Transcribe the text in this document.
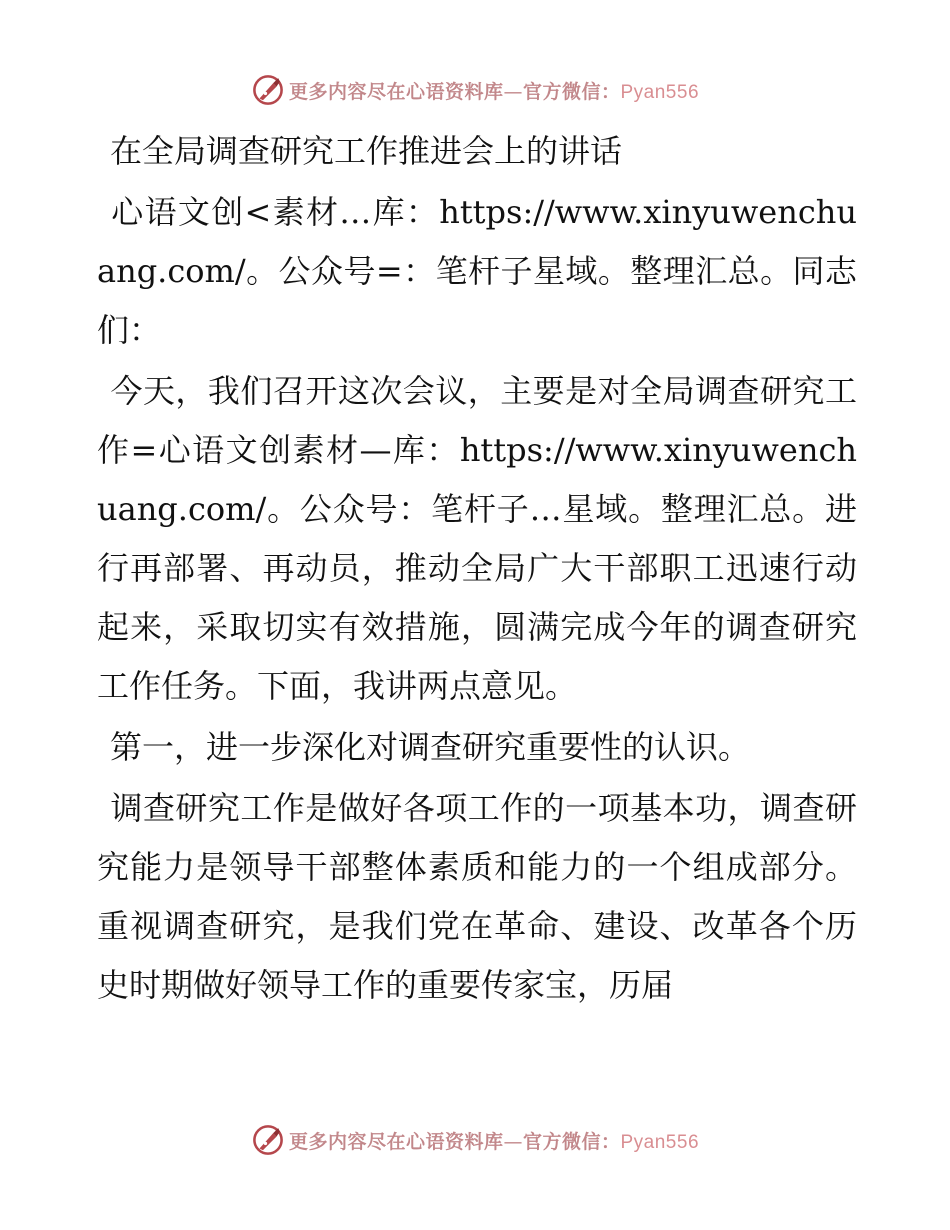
更多内容尽在心语资料库—官方微信：Pyan556

在全局调查研究工作推进会上的讲话

心语文创<素材…库：https://www.xinyuwenchuang.com/。公众号=：笔杆子星域。整理汇总。同志们：

今天，我们召开这次会议，主要是对全局调查研究工作=心语文创素材—库：https://www.xinyuwenchuang.com/。公众号：笔杆子…星域。整理汇总。进行再部署、再动员，推动全局广大干部职工迅速行动起来，采取切实有效措施，圆满完成今年的调查研究工作任务。下面，我讲两点意见。

第一，进一步深化对调查研究重要性的认识。

调查研究工作是做好各项工作的一项基本功，调查研究能力是领导干部整体素质和能力的一个组成部分。重视调查研究，是我们党在革命、建设、改革各个历史时期做好领导工作的重要传家宝，历届

更多内容尽在心语资料库—官方微信：Pyan556
